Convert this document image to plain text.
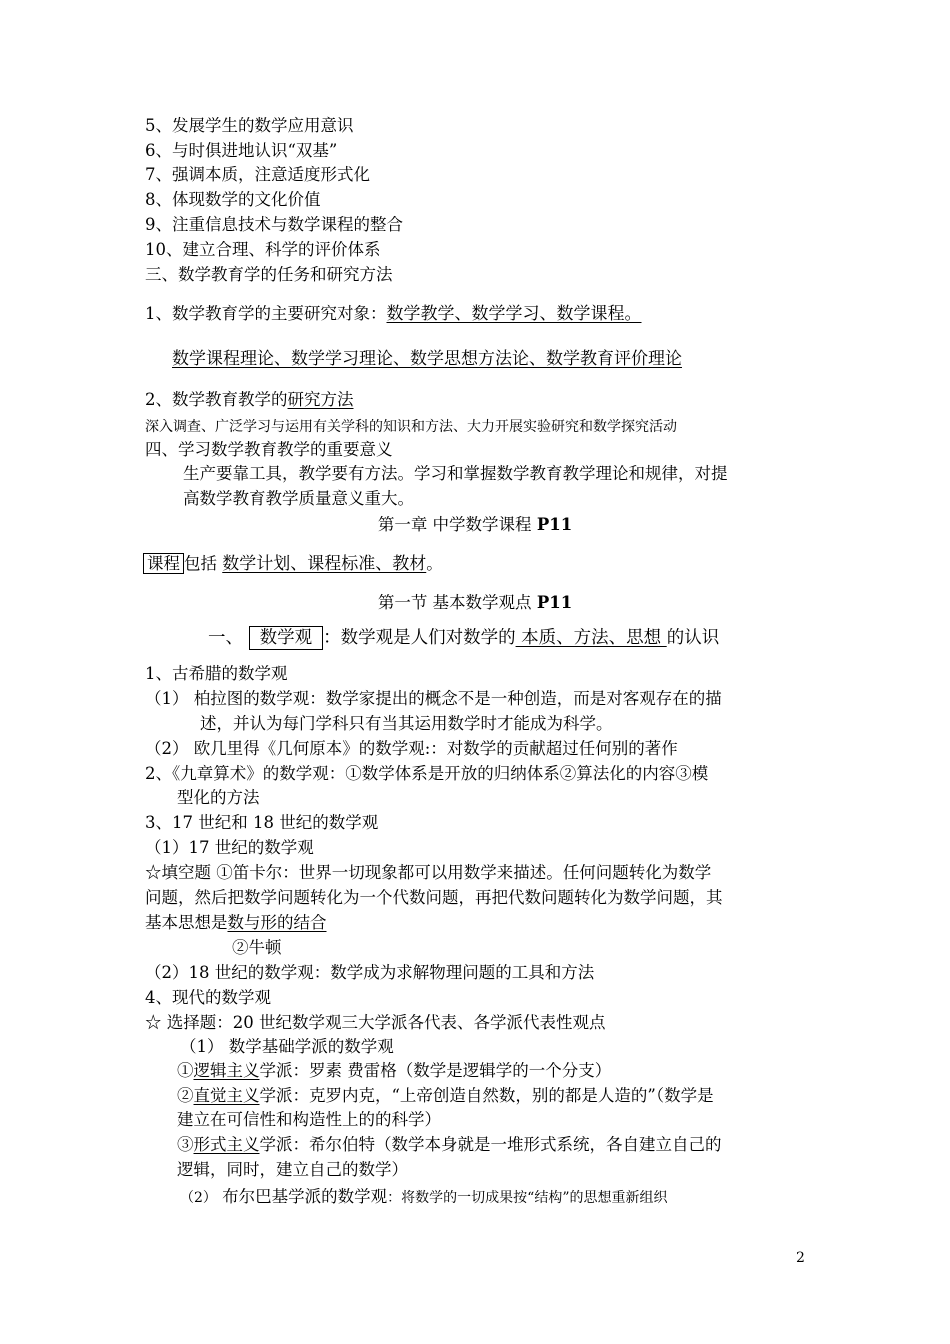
5、发展学生的数学应用意识
6、与时俱进地认识“双基”
7、强调本质，注意适度形式化
8、体现数学的文化价值
9、注重信息技术与数学课程的整合
10、建立合理、科学的评价体系
三、数学教育学的任务和研究方法
1、数学教育学的主要研究对象：数学教学、数学学习、数学课程。
数学课程理论、数学学习理论、数学思想方法论、数学教育评价理论
2、数学教育教学的研究方法
深入调查、广泛学习与运用有关学科的知识和方法、大力开展实验研究和数学探究活动
四、学习数学教育教学的重要意义
生产要靠工具，教学要有方法。学习和掌握数学教育教学理论和规律，对提
高数学教育教学质量意义重大。
第一章 中学数学课程 P11
课程 包括 数学计划、课程标准、教材。
第一节 基本数学观点 P11
一、 数学观 ：数学观是人们对数学的 本质、方法、思想 的认识
1、古希腊的数学观
（1） 柏拉图的数学观：数学家提出的概念不是一种创造，而是对客观存在的描
述，并认为每门学科只有当其运用数学时才能成为科学。
（2） 欧几里得《几何原本》的数学观:：对数学的贡献超过任何别的著作
2、《九章算术》的数学观：①数学体系是开放的归纳体系②算法化的内容③模
型化的方法
3、17 世纪和 18 世纪的数学观
（1）17 世纪的数学观
☆填空题 ①笛卡尔：世界一切现象都可以用数学来描述。任何问题转化为数学
问题，然后把数学问题转化为一个代数问题，再把代数问题转化为数学问题，其
基本思想是数与形的结合
②牛顿
（2）18 世纪的数学观：数学成为求解物理问题的工具和方法
4、现代的数学观
☆ 选择题：20 世纪数学观三大学派各代表、各学派代表性观点
（1） 数学基础学派的数学观
①逻辑主义学派：罗素 费雷格（数学是逻辑学的一个分支）
②直觉主义学派：克罗内克，“上帝创造自然数，别的都是人造的”（数学是
建立在可信性和构造性上的的科学）
③形式主义学派：希尔伯特（数学本身就是一堆形式系统，各自建立自己的
逻辑，同时，建立自己的数学）
（2） 布尔巴基学派的数学观：将数学的一切成果按“结构”的思想重新组织
2
